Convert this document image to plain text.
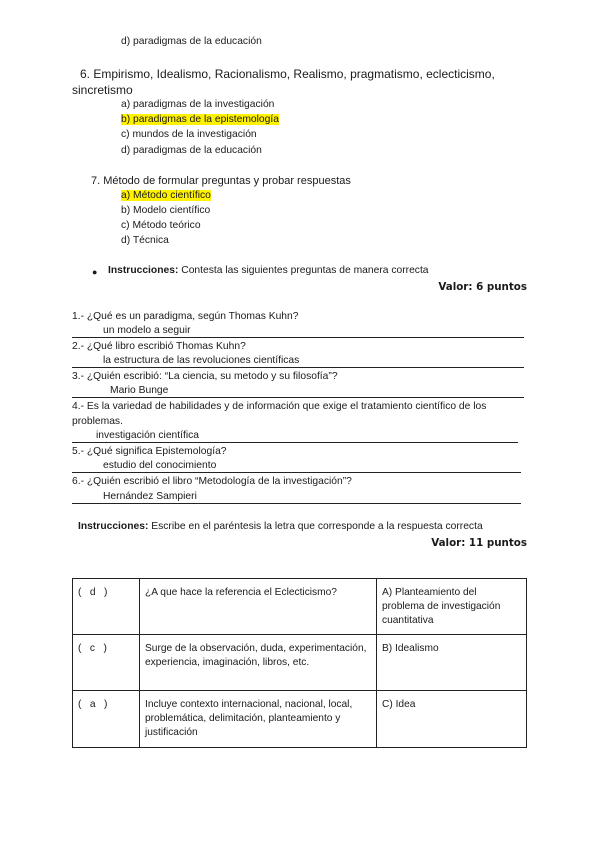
d) paradigmas de la educación
6. Empirismo, Idealismo, Racionalismo, Realismo, pragmatismo, eclecticismo,
sincretismo
a) paradigmas de la investigación
b) paradigmas de la epistemología
c) mundos de la investigación
d) paradigmas de la educación
7. Método de formular preguntas y probar respuestas
a) Método científico
b) Modelo científico
c) Método teórico
d) Técnica
● Instrucciones: Contesta las siguientes preguntas de manera correcta
Valor: 6 puntos
1.- ¿Qué es un paradigma, según Thomas Kuhn?
un modelo a seguir
2.- ¿Qué libro escribió Thomas Kuhn?
la estructura de las revoluciones científicas
3.- ¿Quién escribió: “La ciencia, su metodo y su filosofía”?
Mario Bunge
4.- Es la variedad de habilidades y de información que exige el tratamiento científico de los
problemas.
investigación científica
5.- ¿Qué significa Epistemología?
estudio del conocimiento
6.- ¿Quién escribió el libro “Metodología de la investigación”?
Hernández Sampieri
Instrucciones: Escribe en el paréntesis la letra que corresponde a la respuesta correcta
Valor: 11 puntos
(   d   )	¿A que hace la referencia el Eclecticismo?	A) Planteamiento del problema de investigación cuantitativa
(   c   )	Surge de la observación, duda, experimentación, experiencia, imaginación, libros, etc.	B) Idealismo
(   a   )	Incluye contexto internacional, nacional, local, problemática, delimitación, planteamiento y justificación	C) Idea
